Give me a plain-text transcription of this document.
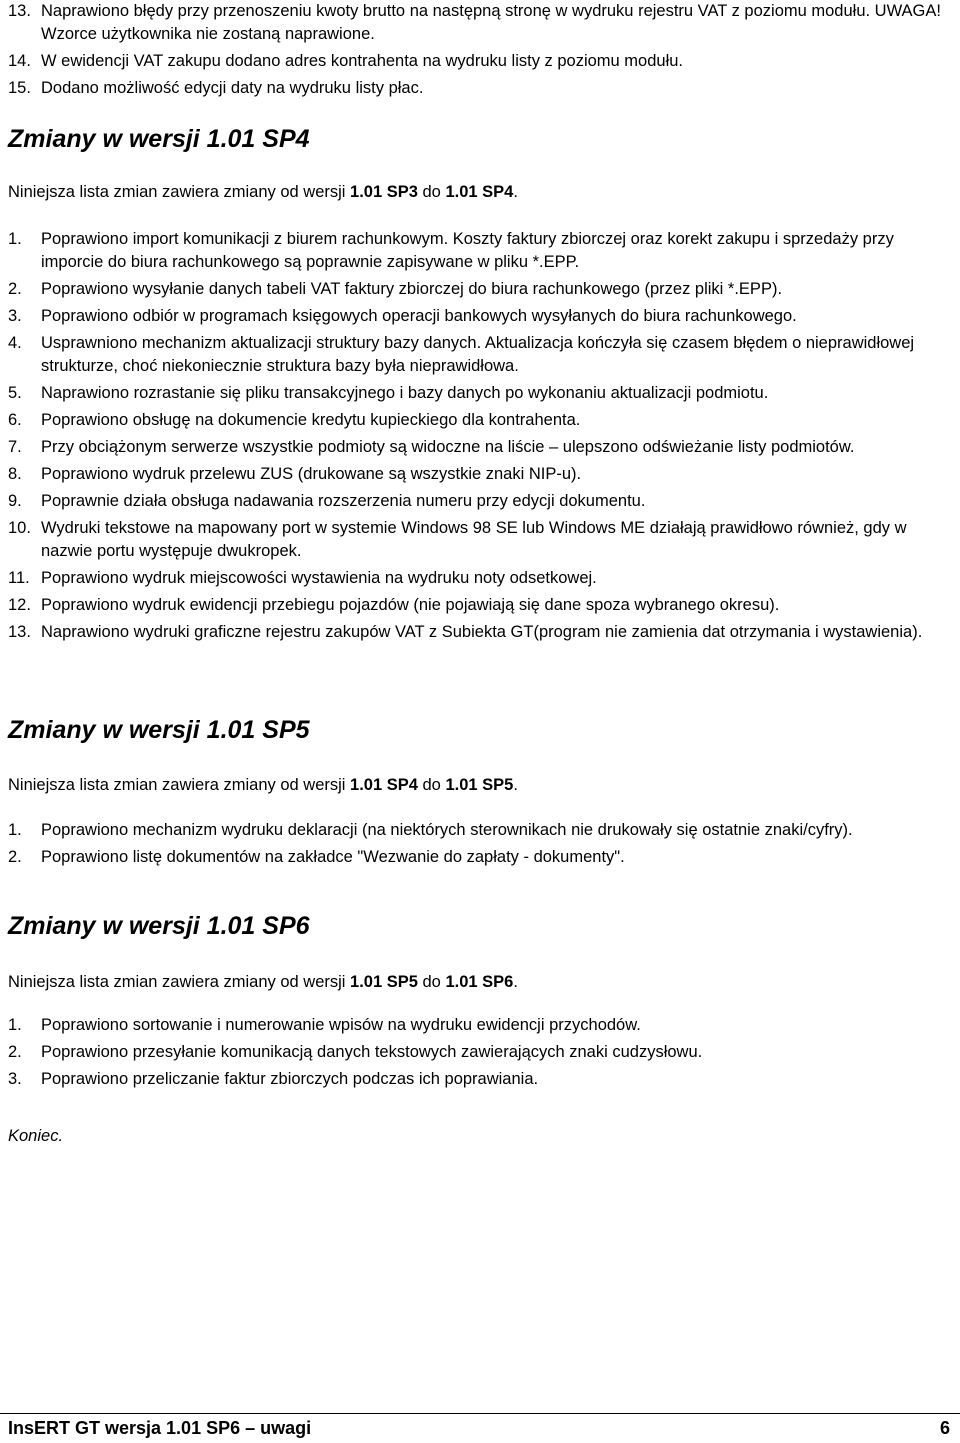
13. Naprawiono błędy przy przenoszeniu kwoty brutto na następną stronę w wydruku rejestru VAT z poziomu modułu. UWAGA! Wzorce użytkownika nie zostaną naprawione.
14. W ewidencji VAT zakupu dodano adres kontrahenta na wydruku listy z poziomu modułu.
15. Dodano możliwość edycji daty na wydruku listy płac.
Zmiany w wersji 1.01 SP4

Niniejsza lista zmian zawiera zmiany od wersji 1.01 SP3 do 1.01 SP4.

1.	Poprawiono import komunikacji z biurem rachunkowym. Koszty faktury zbiorczej oraz korekt zakupu i sprzedaży przy imporcie do biura rachunkowego są poprawnie zapisywane w pliku *.EPP.
2.	Poprawiono wysyłanie danych tabeli VAT faktury zbiorczej do biura rachunkowego (przez pliki *.EPP).
3.	Poprawiono odbiór w programach księgowych operacji bankowych wysyłanych do biura rachunkowego.
4.	Usprawniono mechanizm aktualizacji struktury bazy danych. Aktualizacja kończyła się czasem błędem o nieprawidłowej strukturze, choć niekoniecznie struktura bazy była nieprawidłowa.
5.	Naprawiono rozrastanie się pliku transakcyjnego i bazy danych po wykonaniu aktualizacji podmiotu.
6.	Poprawiono obsługę na dokumencie kredytu kupieckiego dla kontrahenta.
7.	Przy obciążonym serwerze wszystkie podmioty są widoczne na liście – ulepszono odświeżanie listy podmiotów.
8.	Poprawiono wydruk przelewu ZUS (drukowane są wszystkie znaki NIP-u).
9.	Poprawnie działa obsługa nadawania rozszerzenia numeru przy edycji dokumentu.
10. Wydruki tekstowe na mapowany port w systemie Windows 98 SE lub Windows ME działają prawidłowo również, gdy w nazwie portu występuje dwukropek.
11. Poprawiono wydruk miejscowości wystawienia na wydruku noty odsetkowej.
12. Poprawiono wydruk ewidencji przebiegu pojazdów (nie pojawiają się dane spoza wybranego okresu).
13. Naprawiono wydruki graficzne rejestru zakupów VAT z Subiekta GT(program nie zamienia dat otrzymania i wystawienia).
Zmiany w wersji 1.01 SP5

Niniejsza lista zmian zawiera zmiany od wersji 1.01 SP4 do 1.01 SP5.

1.	Poprawiono mechanizm wydruku deklaracji (na niektórych sterownikach nie drukowały się ostatnie znaki/cyfry).
2.	Poprawiono listę dokumentów na zakładce "Wezwanie do zapłaty - dokumenty".
Zmiany w wersji 1.01 SP6

Niniejsza lista zmian zawiera zmiany od wersji 1.01 SP5 do 1.01 SP6.

1.	Poprawiono sortowanie i numerowanie wpisów na wydruku ewidencji przychodów.
2.	Poprawiono przesyłanie komunikacją danych tekstowych zawierających znaki cudzysłowu.
3.	Poprawiono przeliczanie faktur zbiorczych podczas ich poprawiania.

Koniec.

InsERT GT wersja 1.01 SP6 – uwagi	6
